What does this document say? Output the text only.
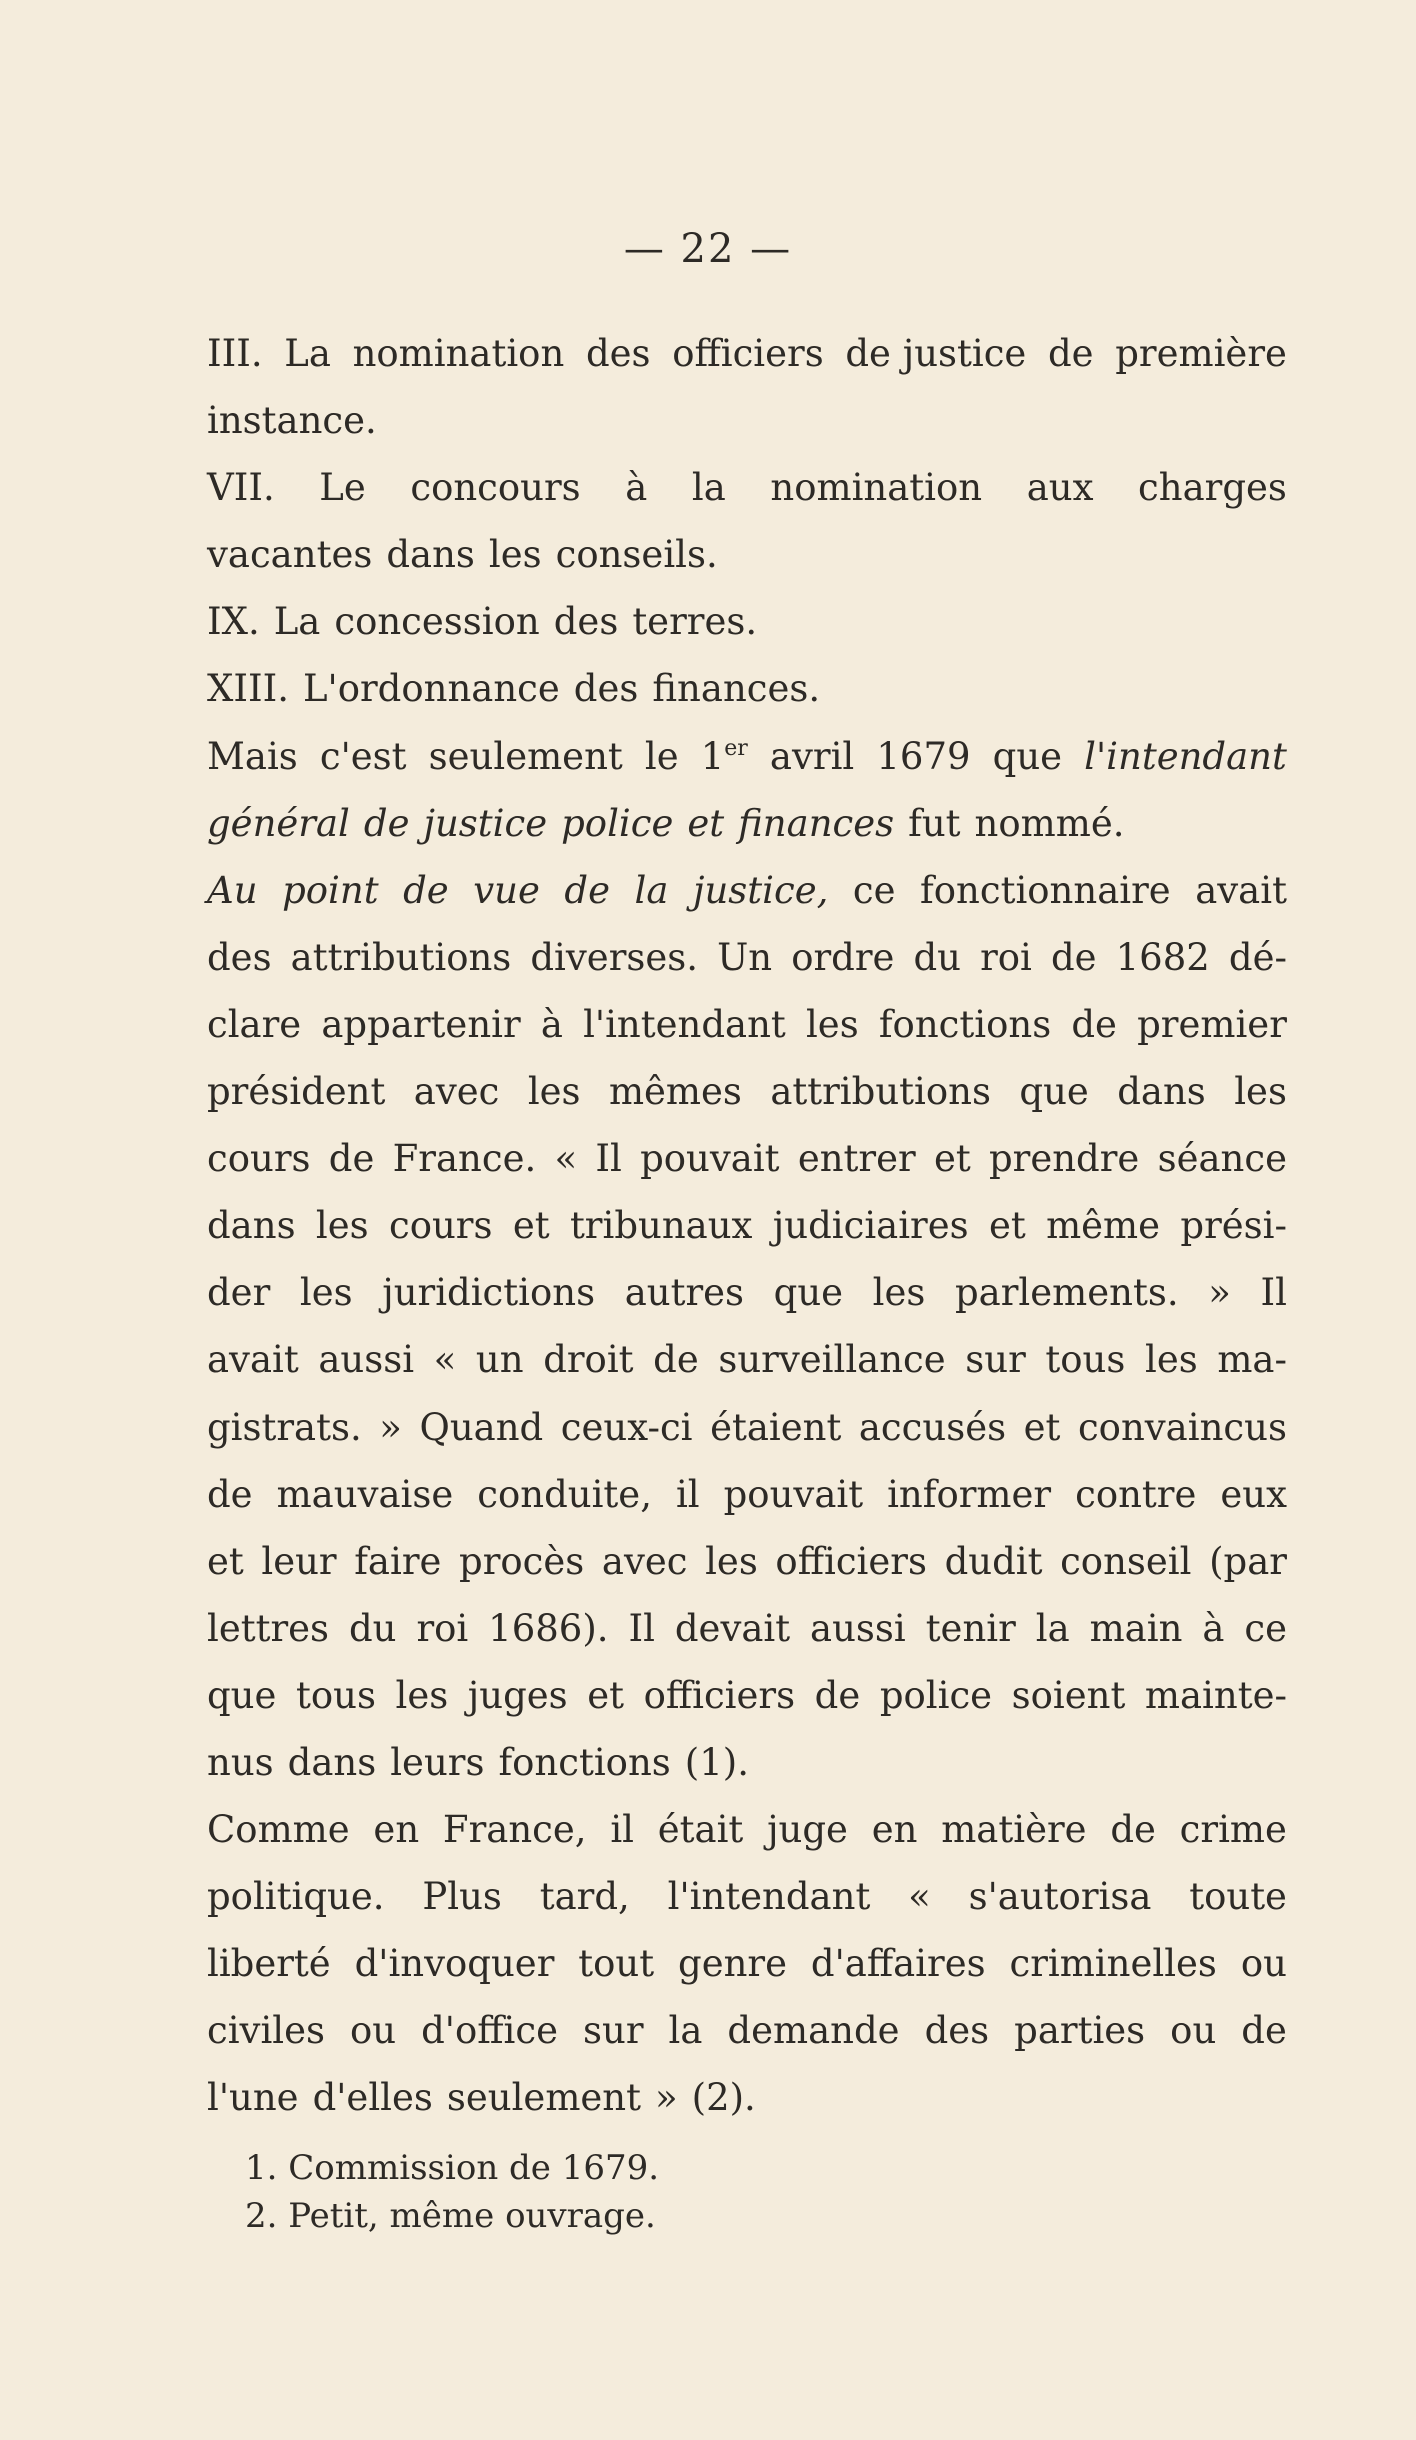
— 22 —
III. La nomination des officiers de justice de première
instance.
VII. Le concours à la nomination aux charges
vacantes dans les conseils.
IX. La concession des terres.
XIII. L'ordonnance des finances.
Mais c'est seulement le 1er avril 1679 que l'intendant
général de justice police et finances fut nommé.
Au point de vue de la justice, ce fonctionnaire avait
des attributions diverses. Un ordre du roi de 1682 dé-
clare appartenir à l'intendant les fonctions de premier
président avec les mêmes attributions que dans les
cours de France. « Il pouvait entrer et prendre séance
dans les cours et tribunaux judiciaires et même prési-
der les juridictions autres que les parlements. » Il
avait aussi « un droit de surveillance sur tous les ma-
gistrats. » Quand ceux-ci étaient accusés et convaincus
de mauvaise conduite, il pouvait informer contre eux
et leur faire procès avec les officiers dudit conseil (par
lettres du roi 1686). Il devait aussi tenir la main à ce
que tous les juges et officiers de police soient mainte-
nus dans leurs fonctions (1).
Comme en France, il était juge en matière de crime
politique. Plus tard, l'intendant « s'autorisa toute
liberté d'invoquer tout genre d'affaires criminelles ou
civiles ou d'office sur la demande des parties ou de
l'une d'elles seulement » (2).
1. Commission de 1679.
2. Petit, même ouvrage.
